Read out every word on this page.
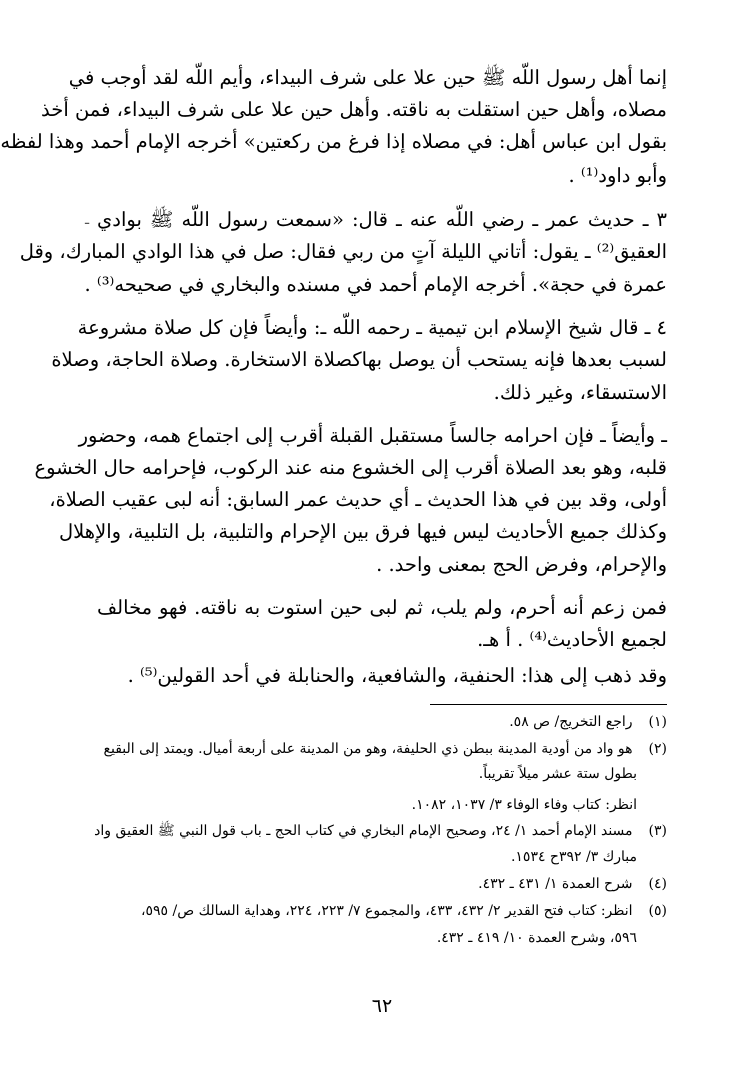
إنما أهل رسول اللّه ﷺ حين علا على شرف البيداء، وأيم اللّه لقد أوجب في
مصلاه، وأهل حين استقلت به ناقته. وأهل حين علا على شرف البيداء، فمن أخذ
بقول ابن عباس أهل: في مصلاه إذا فرغ من ركعتين» أخرجه الإمام أحمد وهذا لفظه
وأبو داود⁽¹⁾ .
ـ ٣ ـ حديث عمر ـ رضي اللّه عنه ـ قال: «سمعت رسول اللّه ﷺ بوادي
العقيق⁽²⁾ ـ يقول: أتاني الليلة آتٍ من ربي فقال: صل في هذا الوادي المبارك، وقل
عمرة في حجة». أخرجه الإمام أحمد في مسنده والبخاري في صحيحه⁽³⁾ .
٤ ـ قال شيخ الإسلام ابن تيمية ـ رحمه اللّه ـ: وأيضاً فإن كل صلاة مشروعة
لسبب بعدها فإنه يستحب أن يوصل بهاكصلاة الاستخارة. وصلاة الحاجة، وصلاة
الاستسقاء، وغير ذلك.
ـ وأيضاً ـ فإن احرامه جالساً مستقبل القبلة أقرب إلى اجتماع همه، وحضور
قلبه، وهو بعد الصلاة أقرب إلى الخشوع منه عند الركوب، فإحرامه حال الخشوع
أولى، وقد بين في هذا الحديث ـ أي حديث عمر السابق: أنه لبى عقيب الصلاة،
وكذلك جميع الأحاديث ليس فيها فرق بين الإحرام والتلبية، بل التلبية، والإهلال
والإحرام، وفرض الحج بمعنى واحد. .
فمن زعم أنه أحرم، ولم يلب، ثم لبى حين استوت به ناقته. فهو مخالف
لجميع الأحاديث⁽⁴⁾ . أ هـ.
وقد ذهب إلى هذا: الحنفية، والشافعية، والحنابلة في أحد القولين⁽⁵⁾ .
(١) راجع التخريج/ ص ٥٨.
(٢) هو واد من أودية المدينة ببطن ذي الحليفة، وهو من المدينة على أربعة أميال. ويمتد إلى البقيع
بطول ستة عشر ميلاً تقريباً.
انظر: كتاب وفاء الوفاء ٣/ ١٠٣٧، ١٠٨٢.
(٣) مسند الإمام أحمد ١/ ٢٤، وصحيح الإمام البخاري في كتاب الحج ـ باب قول النبي ﷺ العقيق واد
مبارك ٣/ ٣٩٢ح ١٥٣٤.
(٤) شرح العمدة ١/ ٤٣١ ـ ٤٣٢.
(٥) انظر: كتاب فتح القدير ٢/ ٤٣٢، ٤٣٣، والمجموع ٧/ ٢٢٣، ٢٢٤، وهداية السالك ص/ ٥٩٥،
٥٩٦، وشرح العمدة ١٠/ ٤١٩ ـ ٤٣٢.
٦٢
